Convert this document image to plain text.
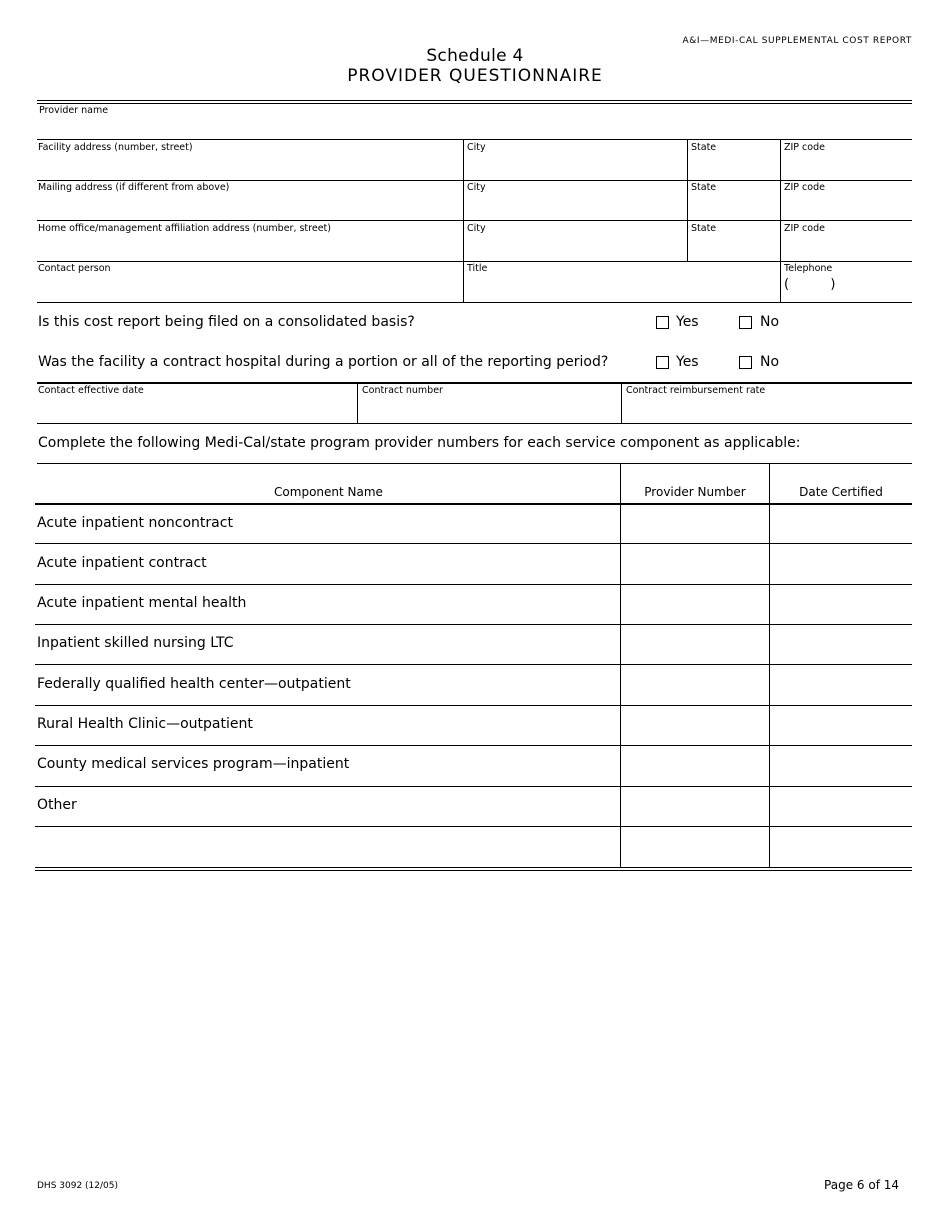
A&I—MEDI-CAL SUPPLEMENTAL COST REPORT
Schedule 4
PROVIDER QUESTIONNAIRE
Provider name
Facility address (number, street)	City	State	ZIP code
Mailing address (if different from above)	City	State	ZIP code
Home office/management affiliation address (number, street)	City	State	ZIP code
Contact person	Title	Telephone
(          )
Is this cost report being filed on a consolidated basis?	Yes	No
Was the facility a contract hospital during a portion or all of the reporting period?	Yes	No
Contact effective date	Contract number	Contract reimbursement rate
Complete the following Medi-Cal/state program provider numbers for each service component as applicable:
Component Name	Provider Number	Date Certified
Acute inpatient noncontract
Acute inpatient contract
Acute inpatient mental health
Inpatient skilled nursing LTC
Federally qualified health center—outpatient
Rural Health Clinic—outpatient
County medical services program—inpatient
Other
DHS 3092 (12/05)	Page 6 of 14
